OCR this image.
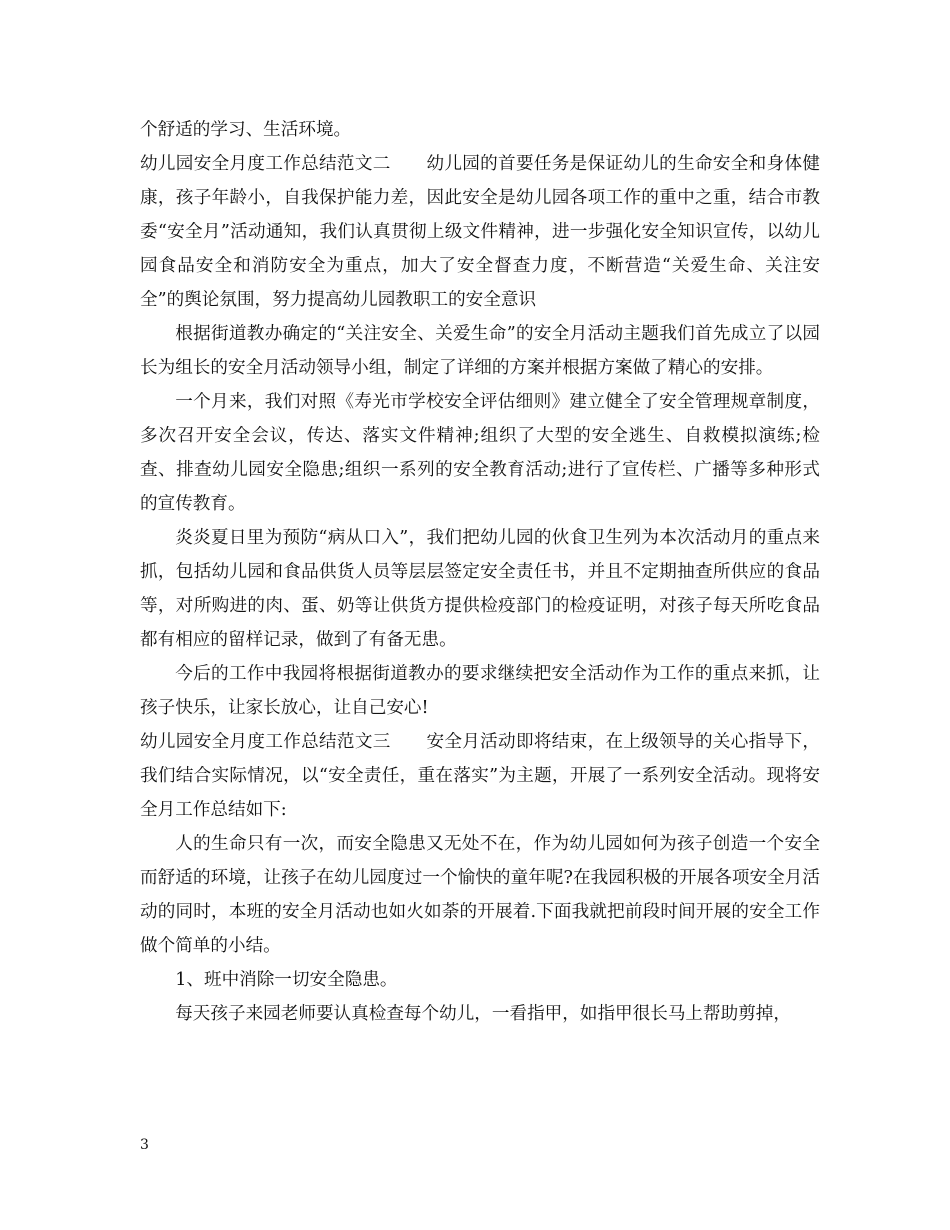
个舒适的学习、生活环境。

幼儿园安全月度工作总结范文二　　幼儿园的首要任务是保证幼儿的生命安全和身体健康，孩子年龄小，自我保护能力差，因此安全是幼儿园各项工作的重中之重，结合市教委“安全月”活动通知，我们认真贯彻上级文件精神，进一步强化安全知识宣传，以幼儿园食品安全和消防安全为重点，加大了安全督查力度，不断营造“关爱生命、关注安全”的舆论氛围，努力提高幼儿园教职工的安全意识

根据街道教办确定的“关注安全、关爱生命”的安全月活动主题我们首先成立了以园长为组长的安全月活动领导小组，制定了详细的方案并根据方案做了精心的安排。

一个月来，我们对照《寿光市学校安全评估细则》建立健全了安全管理规章制度，多次召开安全会议，传达、落实文件精神;组织了大型的安全逃生、自救模拟演练;检查、排查幼儿园安全隐患;组织一系列的安全教育活动;进行了宣传栏、广播等多种形式的宣传教育。

炎炎夏日里为预防“病从口入”，我们把幼儿园的伙食卫生列为本次活动月的重点来抓，包括幼儿园和食品供货人员等层层签定安全责任书，并且不定期抽查所供应的食品等，对所购进的肉、蛋、奶等让供货方提供检疫部门的检疫证明，对孩子每天所吃食品都有相应的留样记录，做到了有备无患。

今后的工作中我园将根据街道教办的要求继续把安全活动作为工作的重点来抓，让孩子快乐，让家长放心，让自己安心!

幼儿园安全月度工作总结范文三　　安全月活动即将结束，在上级领导的关心指导下，我们结合实际情况，以“安全责任，重在落实”为主题，开展了一系列安全活动。现将安全月工作总结如下:

人的生命只有一次，而安全隐患又无处不在，作为幼儿园如何为孩子创造一个安全而舒适的环境，让孩子在幼儿园度过一个愉快的童年呢?在我园积极的开展各项安全月活动的同时，本班的安全月活动也如火如荼的开展着.下面我就把前段时间开展的安全工作做个简单的小结。

1、班中消除一切安全隐患。

每天孩子来园老师要认真检查每个幼儿，一看指甲，如指甲很长马上帮助剪掉，

3
